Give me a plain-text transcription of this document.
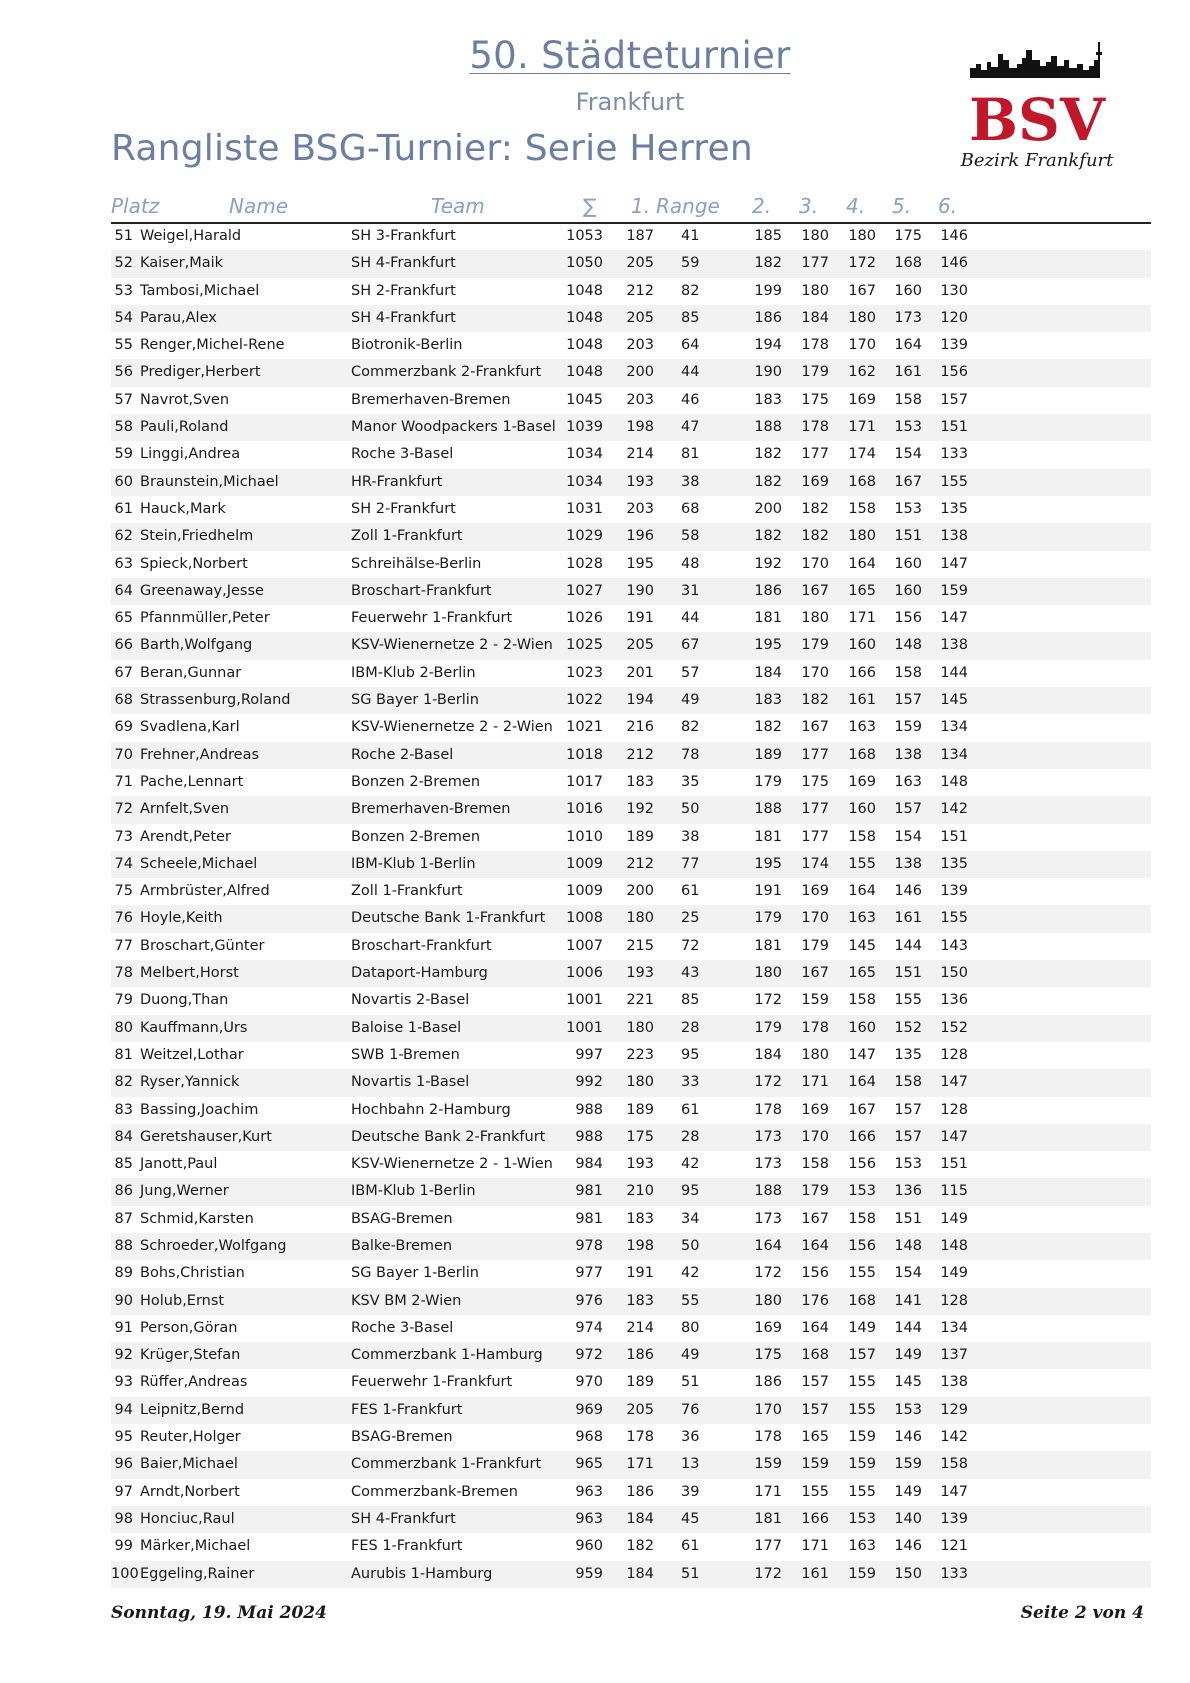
50. Städteturnier
Frankfurt
Rangliste BSG-Turnier: Serie Herren	BSV
Bezirk Frankfurt
Platz	Name	Team	∑ 1. Range 2. 3. 4. 5. 6.
51 Weigel,Harald	SH 3-Frankfurt	1053	187 41	185	180	180	175	146
52 Kaiser,Maik	SH 4-Frankfurt	1050	205 59	182	177	172	168	146
53 Tambosi,Michael	SH 2-Frankfurt	1048	212 82	199	180	167	160	130
54 Parau,Alex	SH 4-Frankfurt	1048	205 85	186	184	180	173	120
55 Renger,Michel-Rene	Biotronik-Berlin	1048	203 64	194	178	170	164	139
56 Prediger,Herbert	Commerzbank 2-Frankfurt	1048	200 44	190	179	162	161	156
57 Navrot,Sven	Bremerhaven-Bremen	1045	203 46	183	175	169	158	157
58 Pauli,Roland	Manor Woodpackers 1-Basel 1039	198 47	188	178	171	153	151
59 Linggi,Andrea	Roche 3-Basel	1034	214 81	182	177	174	154	133
60 Braunstein,Michael	HR-Frankfurt	1034	193 38	182	169	168	167	155
61 Hauck,Mark	SH 2-Frankfurt	1031	203 68	200	182	158	153	135
62 Stein,Friedhelm	Zoll 1-Frankfurt	1029	196 58	182	182	180	151	138
63 Spieck,Norbert	Schreihälse-Berlin	1028	195 48	192	170	164	160	147
64 Greenaway,Jesse	Broschart-Frankfurt	1027	190 31	186	167	165	160	159
65 Pfannmüller,Peter	Feuerwehr 1-Frankfurt	1026	191 44	181	180	171	156	147
66 Barth,Wolfgang	KSV-Wienernetze 2 - 2-Wien 1025	205 67	195	179	160	148	138
67 Beran,Gunnar	IBM-Klub 2-Berlin	1023	201 57	184	170	166	158	144
68 Strassenburg,Roland	SG Bayer 1-Berlin	1022	194 49	183	182	161	157	145
69 Svadlena,Karl	KSV-Wienernetze 2 - 2-Wien 1021	216 82	182	167	163	159	134
70 Frehner,Andreas	Roche 2-Basel	1018	212 78	189	177	168	138	134
71 Pache,Lennart	Bonzen 2-Bremen	1017	183 35	179	175	169	163	148
72 Arnfelt,Sven	Bremerhaven-Bremen	1016	192 50	188	177	160	157	142
73 Arendt,Peter	Bonzen 2-Bremen	1010	189 38	181	177	158	154	151
74 Scheele,Michael	IBM-Klub 1-Berlin	1009	212 77	195	174	155	138	135
75 Armbrüster,Alfred	Zoll 1-Frankfurt	1009	200 61	191	169	164	146	139
76 Hoyle,Keith	Deutsche Bank 1-Frankfurt	1008	180 25	179	170	163	161	155
77 Broschart,Günter	Broschart-Frankfurt	1007	215 72	181	179	145	144	143
78 Melbert,Horst	Dataport-Hamburg	1006	193 43	180	167	165	151	150
79 Duong,Than	Novartis 2-Basel	1001	221 85	172	159	158	155	136
80 Kauffmann,Urs	Baloise 1-Basel	1001	180 28	179	178	160	152	152
81 Weitzel,Lothar	SWB 1-Bremen	997	223 95	184	180	147	135	128
82 Ryser,Yannick	Novartis 1-Basel	992	180 33	172	171	164	158	147
83 Bassing,Joachim	Hochbahn 2-Hamburg	988	189 61	178	169	167	157	128
84 Geretshauser,Kurt	Deutsche Bank 2-Frankfurt	988	175 28	173	170	166	157	147
85 Janott,Paul	KSV-Wienernetze 2 - 1-Wien	984	193 42	173	158	156	153	151
86 Jung,Werner	IBM-Klub 1-Berlin	981	210 95	188	179	153	136	115
87 Schmid,Karsten	BSAG-Bremen	981	183 34	173	167	158	151	149
88 Schroeder,Wolfgang	Balke-Bremen	978	198 50	164	164	156	148	148
89 Bohs,Christian	SG Bayer 1-Berlin	977	191 42	172	156	155	154	149
90 Holub,Ernst	KSV BM 2-Wien	976	183 55	180	176	168	141	128
91 Person,Göran	Roche 3-Basel	974	214 80	169	164	149	144	134
92 Krüger,Stefan	Commerzbank 1-Hamburg	972	186 49	175	168	157	149	137
93 Rüffer,Andreas	Feuerwehr 1-Frankfurt	970	189 51	186	157	155	145	138
94 Leipnitz,Bernd	FES 1-Frankfurt	969	205 76	170	157	155	153	129
95 Reuter,Holger	BSAG-Bremen	968	178 36	178	165	159	146	142
96 Baier,Michael	Commerzbank 1-Frankfurt	965	171 13	159	159	159	159	158
97 Arndt,Norbert	Commerzbank-Bremen	963	186 39	171	155	155	149	147
98 Honciuc,Raul	SH 4-Frankfurt	963	184 45	181	166	153	140	139
99 Märker,Michael	FES 1-Frankfurt	960	182 61	177	171	163	146	121
100 Eggeling,Rainer	Aurubis 1-Hamburg	959	184 51	172	161	159	150	133
Sonntag, 19. Mai 2024	Seite 2 von 4
